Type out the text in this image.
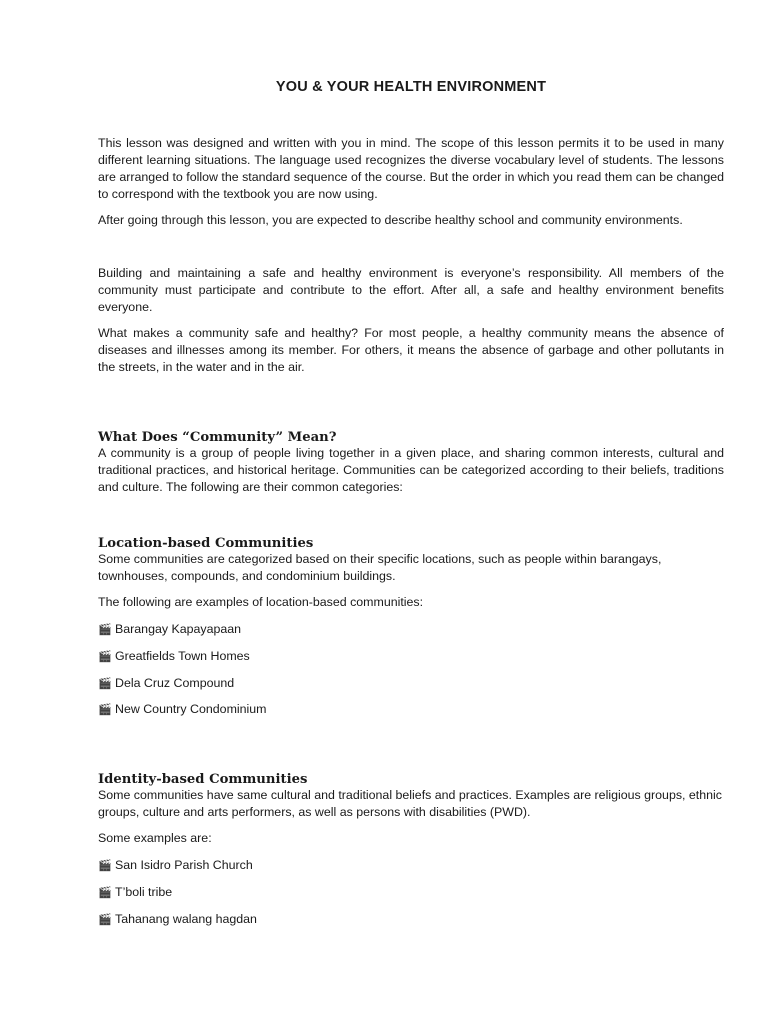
YOU & YOUR HEALTH ENVIRONMENT

This lesson was designed and written with you in mind. The scope of this lesson permits it to be used in many different learning situations. The language used recognizes the diverse vocabulary level of students. The lessons are arranged to follow the standard sequence of the course. But the order in which you read them can be changed to correspond with the textbook you are now using.

After going through this lesson, you are expected to describe healthy school and community environments.

Building and maintaining a safe and healthy environment is everyone’s responsibility. All members of the community must participate and contribute to the effort. After all, a safe and healthy environment benefits everyone.

What makes a community safe and healthy? For most people, a healthy community means the absence of diseases and illnesses among its member. For others, it means the absence of garbage and other pollutants in the streets, in the water and in the air.

What Does “Community” Mean?

A community is a group of people living together in a given place, and sharing common interests, cultural and traditional practices, and historical heritage. Communities can be categorized according to their beliefs, traditions and culture. The following are their common categories:

Location-based Communities

Some communities are categorized based on their specific locations, such as people within barangays, townhouses, compounds, and condominium buildings.

The following are examples of location-based communities:

🎬 Barangay Kapayapaan
🎬 Greatfields Town Homes
🎬 Dela Cruz Compound
🎬 New Country Condominium
Identity-based Communities

Some communities have same cultural and traditional beliefs and practices. Examples are religious groups, ethnic groups, culture and arts performers, as well as persons with disabilities (PWD).

Some examples are:

🎬 San Isidro Parish Church
🎬 T’boli tribe
🎬 Tahanang walang hagdan
